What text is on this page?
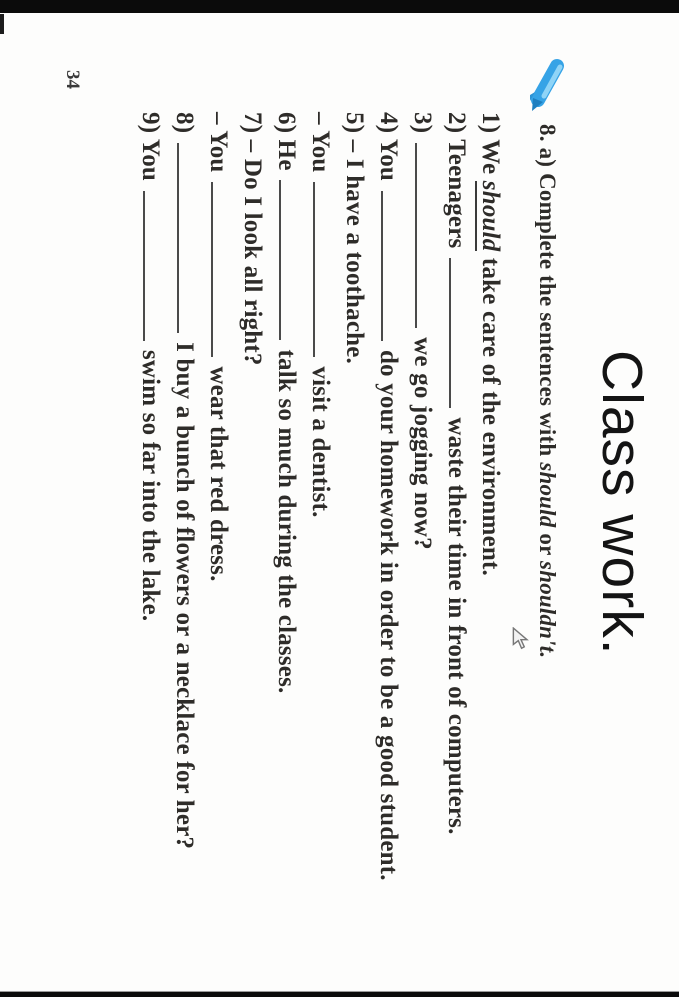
Class work.
8. a) Complete the sentences with should or shouldn't.
1) We should take care of the environment.
2) Teenagers  waste their time in front of computers.
3)  we go jogging now?
4) You  do your homework in order to be a good student.
5) – I have a toothache.
– You  visit a dentist.
6) He  talk so much during the classes.
7) – Do I look all right?
– You  wear that red dress.
8)  I buy a bunch of flowers or a necklace for her?
9) You  swim so far into the lake.
34
